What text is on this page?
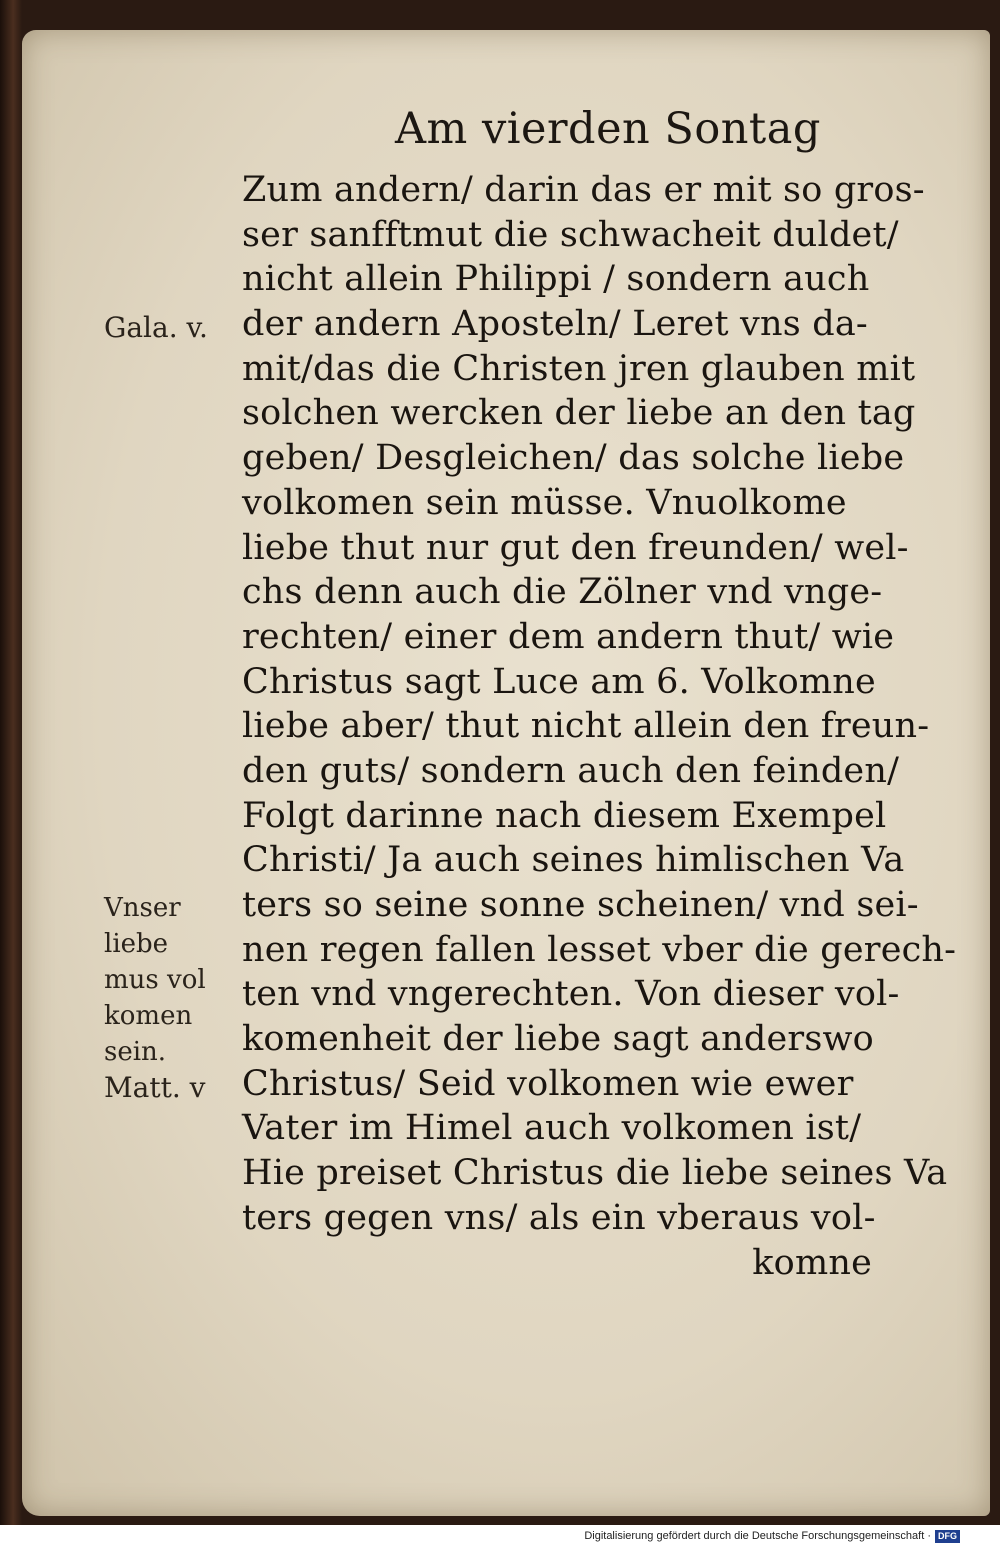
Am vierden Sontag
Zum andern/ darin das er mit so gros-
ser sanfftmut die schwacheit duldet/
nicht allein Philippi / sondern auch
der andern Aposteln/ Leret vns da-
mit/das die Christen jren glauben mit
solchen wercken der liebe an den tag
geben/ Desgleichen/ das solche liebe
volkomen sein müsse. Vnuolkome
liebe thut nur gut den freunden/ wel-
chs denn auch die Zölner vnd vnge-
rechten/ einer dem andern thut/ wie
Christus sagt Luce am 6. Volkomne
liebe aber/ thut nicht allein den freun-
den guts/ sondern auch den feinden/
Folgt darinne nach diesem Exempel
Christi/ Ja auch seines himlischen Va
ters so seine sonne scheinen/ vnd sei-
nen regen fallen lesset vber die gerech-
ten vnd vngerechten. Von dieser vol-
komenheit der liebe sagt anderswo
Christus/ Seid volkomen wie ewer
Vater im Himel auch volkomen ist/
Hie preiset Christus die liebe seines Va
ters gegen vns/ als ein vberaus vol-
komne
Gala. v.
Vnser
liebe
mus vol
komen
sein.
Matt. v
Digitalisierung gefördert durch die Deutsche Forschungsgemeinschaft · DFG
